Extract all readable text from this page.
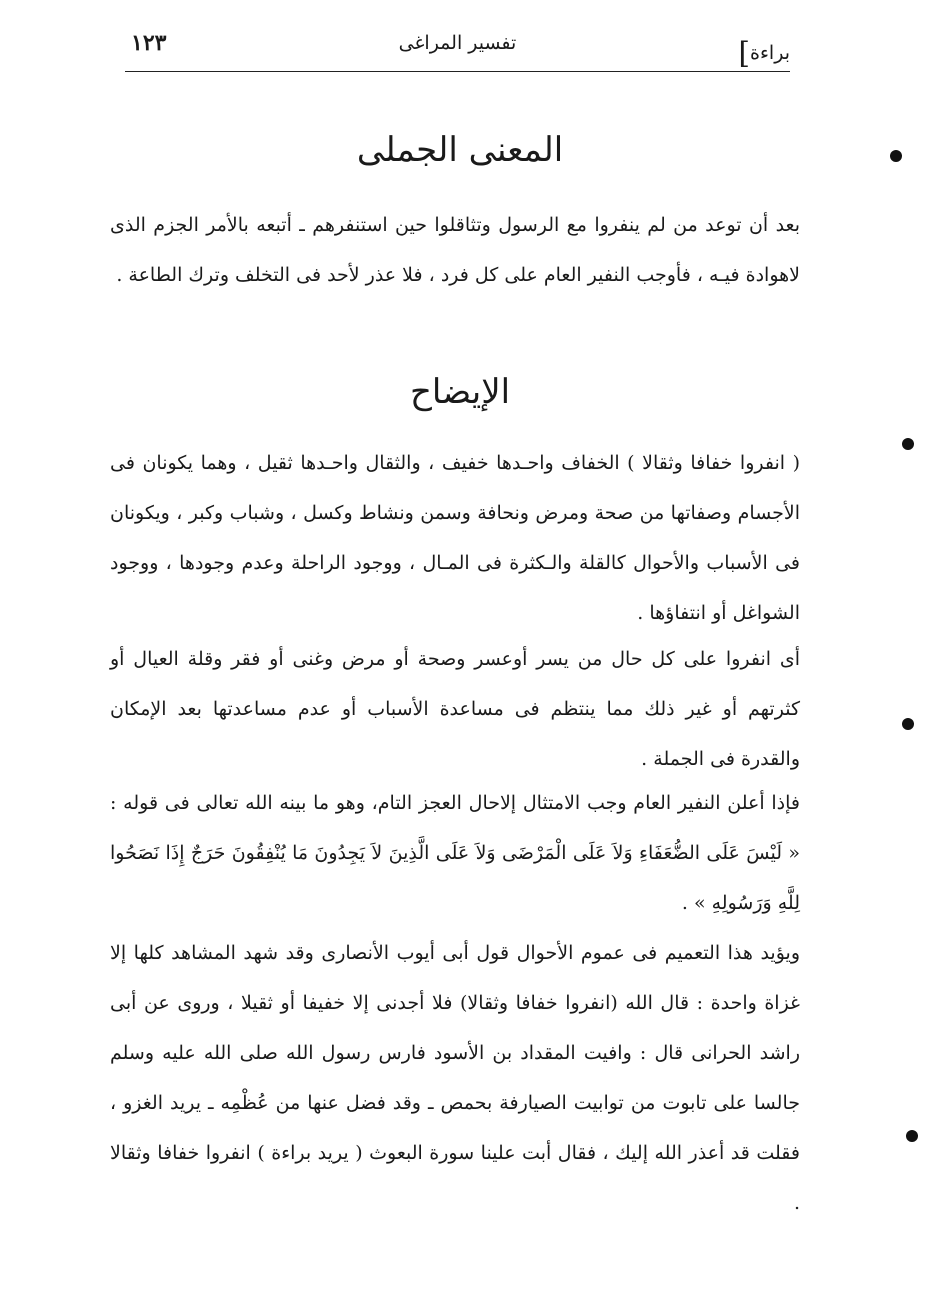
براءة]
تفسير المراغى
١٢٣
المعنى الجملى
بعد أن توعد من لم ينفروا مع الرسول وتثاقلوا حين استنفرهم ـ أتبعه بالأمر الجزم الذى لاهوادة فيـه ، فأوجب النفير العام على كل فرد ، فلا عذر لأحد فى التخلف وترك الطاعة .
الإيضاح
( انفروا خفافا وثقالا ) الخفاف واحـدها خفيف ، والثقال واحـدها ثقيل ، وهما يكونان فى الأجسام وصفاتها من صحة ومرض ونحافة وسمن ونشاط وكسل ، وشباب وكبر ، ويكونان فى الأسباب والأحوال كالقلة والـكثرة فى المـال ، ووجود الراحلة وعدم وجودها ، ووجود الشواغل أو انتفاؤها .
أى انفروا على كل حال من يسر أوعسر وصحة أو مرض وغنى أو فقر وقلة العيال أو كثرتهم أو غير ذلك مما ينتظم فى مساعدة الأسباب أو عدم مساعدتها بعد الإمكان والقدرة فى الجملة .
فإذا أعلن النفير العام وجب الامتثال إلاحال العجز التام، وهو ما بينه الله تعالى فى قوله : « لَيْسَ عَلَى الضُّعَفَاءِ وَلاَ عَلَى الْمَرْضَى وَلاَ عَلَى الَّذِينَ لاَ يَجِدُونَ مَا يُنْفِقُونَ حَرَجٌ إِذَا نَصَحُوا لِلَّهِ وَرَسُولِهِ » .
ويؤيد هذا التعميم فى عموم الأحوال قول أبى أيوب الأنصارى وقد شهد المشاهد كلها إلا غزاة واحدة : قال الله (انفروا خفافا وثقالا) فلا أجدنى إلا خفيفا أو ثقيلا ، وروى عن أبى راشد الحرانى قال : وافيت المقداد بن الأسود فارس رسول الله صلى الله عليه وسلم جالسا على تابوت من توابيت الصيارفة بحمص ـ وقد فضل عنها من عُظْمِه ـ يريد الغزو ، فقلت قد أعذر الله إليك ، فقال أبت علينا سورة البعوث ( يريد براءة ) انفروا خفافا وثقالا .
